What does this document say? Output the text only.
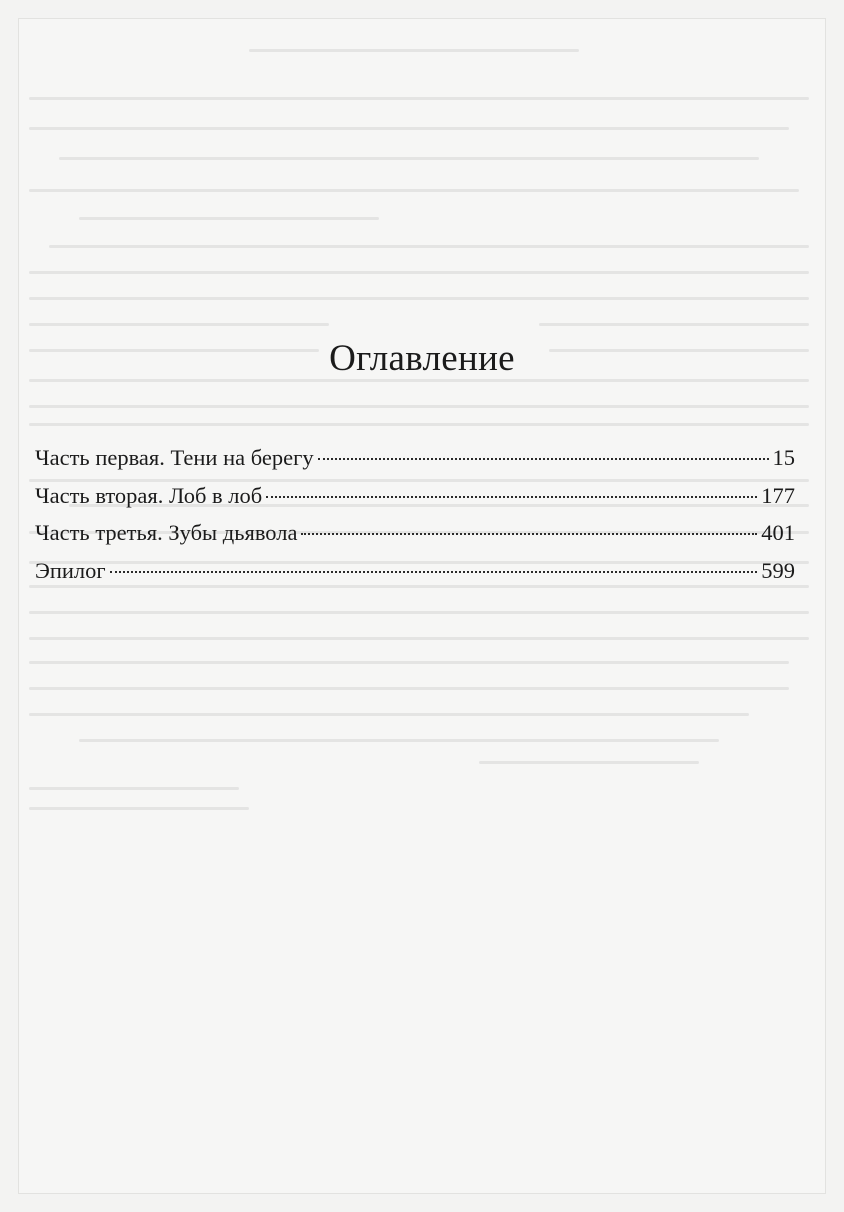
Оглавление
Часть первая. Тени на берегу	15
Часть вторая. Лоб в лоб	177
Часть третья. Зубы дьявола	401
Эпилог	599
